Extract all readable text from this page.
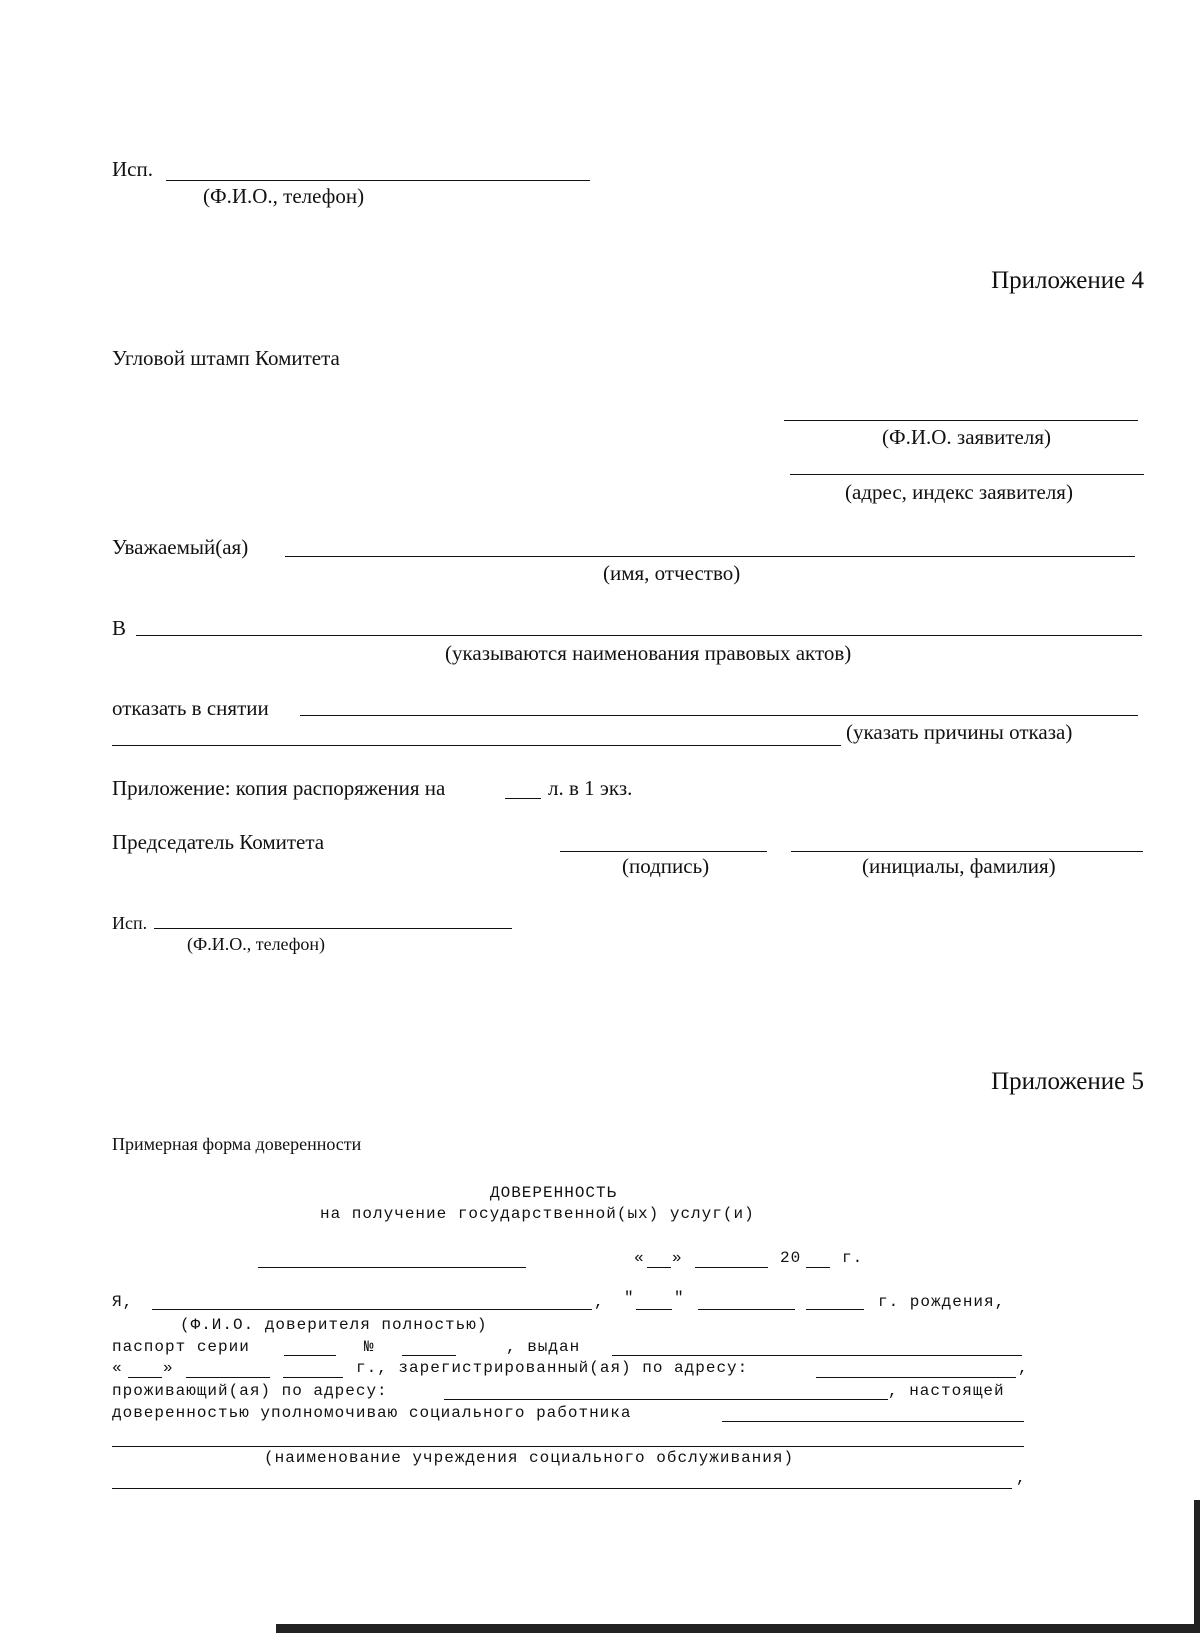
Исп.
(Ф.И.О., телефон)
Приложение 4
Угловой штамп Комитета
(Ф.И.О. заявителя)
(адрес, индекс заявителя)
Уважаемый(ая)
(имя, отчество)
В
(указываются наименования правовых актов)
отказать в снятии
(указать причины отказа)
Приложение: копия распоряжения на	л. в 1 экз.
Председатель Комитета
(подпись)	(инициалы, фамилия)
Исп.
(Ф.И.О., телефон)
Приложение 5
Примерная форма доверенности
ДОВЕРЕННОСТЬ
на получение государственной(ых) услуг(и)
« »	20	г.
Я,	, " "	г. рождения,
(Ф.И.О. доверителя полностью)
паспорт серии	№	, выдан
«	»	г., зарегистрированный(ая) по адресу:	,
проживающий(ая) по адресу:	, настоящей
доверенностью уполномочиваю социального работника
(наименование учреждения социального обслуживания)
,
